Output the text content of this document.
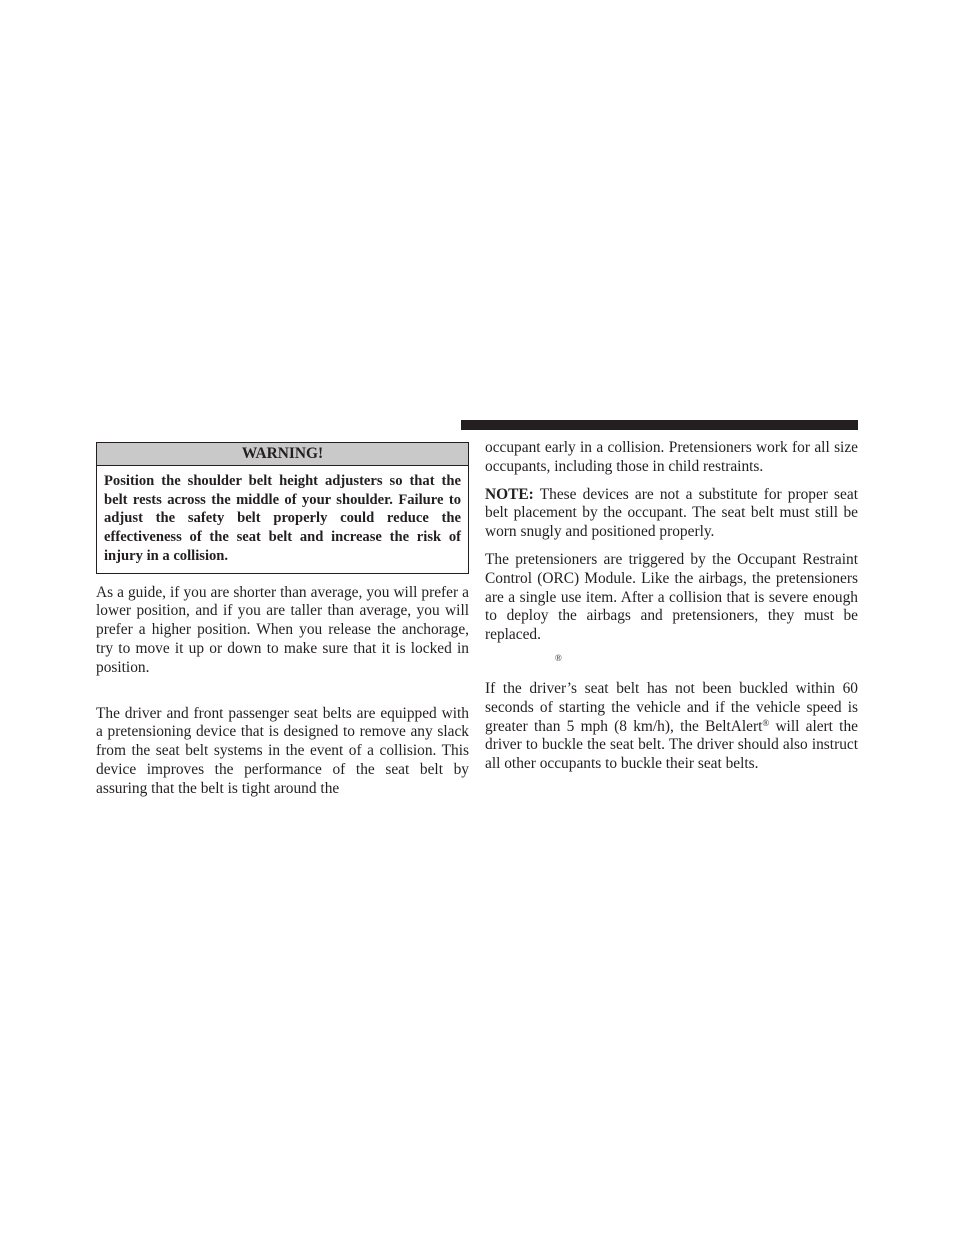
WARNING!
Position the shoulder belt height adjusters so that the belt rests across the middle of your shoulder. Failure to adjust the safety belt properly could reduce the effectiveness of the seat belt and increase the risk of injury in a collision.

As a guide, if you are shorter than average, you will prefer a lower position, and if you are taller than average, you will prefer a higher position. When you release the anchorage, try to move it up or down to make sure that it is locked in position.

The driver and front passenger seat belts are equipped with a pretensioning device that is designed to remove any slack from the seat belt systems in the event of a collision. This device improves the performance of the seat belt by assuring that the belt is tight around the

occupant early in a collision. Pretensioners work for all size occupants, including those in child restraints.

NOTE: These devices are not a substitute for proper seat belt placement by the occupant. The seat belt must still be worn snugly and positioned properly.

The pretensioners are triggered by the Occupant Restraint Control (ORC) Module. Like the airbags, the pretensioners are a single use item. After a collision that is severe enough to deploy the airbags and pretensioners, they must be replaced.

®

If the driver’s seat belt has not been buckled within 60 seconds of starting the vehicle and if the vehicle speed is greater than 5 mph (8 km/h), the BeltAlert® will alert the driver to buckle the seat belt. The driver should also instruct all other occupants to buckle their seat belts.
